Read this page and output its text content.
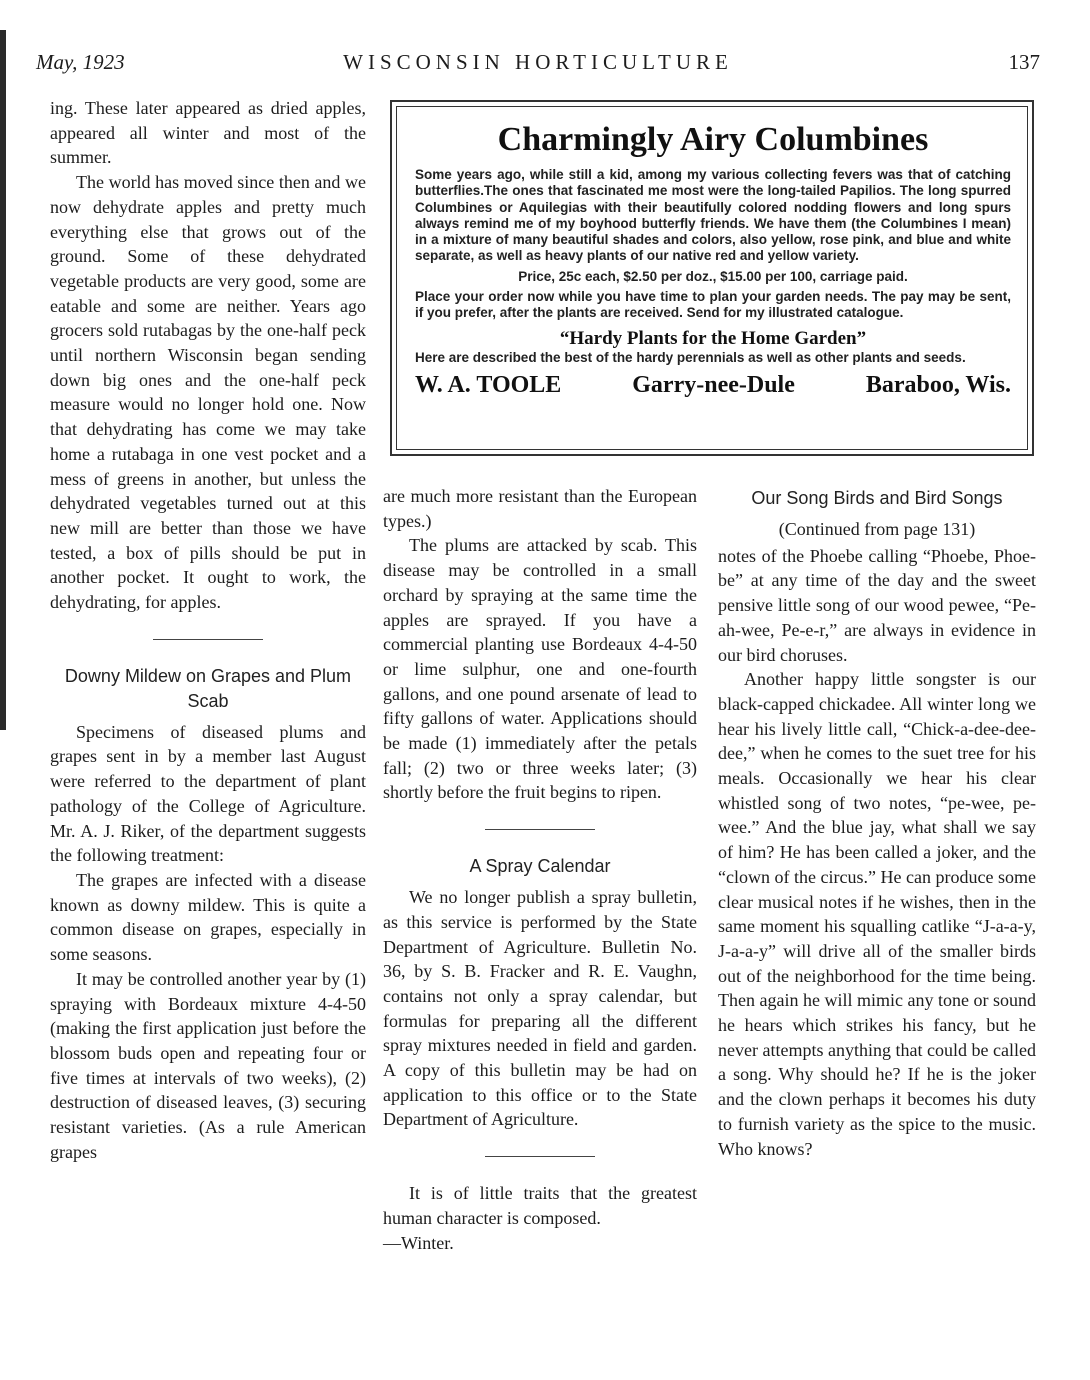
May, 1923	WISCONSIN HORTICULTURE	137

ing. These later appeared as dried apples, appeared all winter and most of the summer.

The world has moved since then and we now dehydrate apples and pretty much everything else that grows out of the ground. Some of these dehydrated vegetable products are very good, some are eatable and some are neither. Years ago grocers sold rutabagas by the one-half peck until northern Wisconsin began sending down big ones and the one-half peck measure would no longer hold one. Now that dehydrating has come we may take home a rutabaga in one vest pocket and a mess of greens in another, but unless the dehydrated vegetables turned out at this new mill are better than those we have tested, a box of pills should be put in another pocket. It ought to work, the dehydrating, for apples.

Downy Mildew on Grapes and Plum Scab

Specimens of diseased plums and grapes sent in by a member last August were referred to the department of plant pathology of the College of Agriculture. Mr. A. J. Riker, of the department suggests the following treatment:

The grapes are infected with a disease known as downy mildew. This is quite a common disease on grapes, especially in some seasons.

It may be controlled another year by (1) spraying with Bordeaux mixture 4-4-50 (making the first application just before the blossom buds open and repeating four or five times at intervals of two weeks), (2) destruction of diseased leaves, (3) securing resistant varieties. (As a rule American grapes

Charmingly Airy Columbines

Some years ago, while still a kid, among my various collecting fevers was that of catching butterflies.The ones that fascinated me most were the long-tailed Papilios. The long spurred Columbines or Aquilegias with their beautifully colored nodding flowers and long spurs always remind me of my boyhood butterfly friends. We have them (the Columbines I mean) in a mixture of many beautiful shades and colors, also yellow, rose pink, and blue and white separate, as well as heavy plants of our native red and yellow variety.

Price, 25c each, $2.50 per doz., $15.00 per 100, carriage paid.

Place your order now while you have time to plan your garden needs. The pay may be sent, if you prefer, after the plants are received. Send for my illustrated catalogue.

“Hardy Plants for the Home Garden”
Here are described the best of the hardy perennials as well as other plants and seeds.
W. A. TOOLE	Garry-nee-Dule	Baraboo, Wis.

are much more resistant than the European types.)

The plums are attacked by scab. This disease may be controlled in a small orchard by spraying at the same time the apples are sprayed. If you have a commercial planting use Bordeaux 4-4-50 or lime sulphur, one and one-fourth gallons, and one pound arsenate of lead to fifty gallons of water. Applications should be made (1) immediately after the petals fall; (2) two or three weeks later; (3) shortly before the fruit begins to ripen.

A Spray Calendar

We no longer publish a spray bulletin, as this service is performed by the State Department of Agriculture. Bulletin No. 36, by S. B. Fracker and R. E. Vaughn, contains not only a spray calendar, but formulas for preparing all the different spray mixtures needed in field and garden. A copy of this bulletin may be had on application to this office or to the State Department of Agriculture.

It is of little traits that the greatest human character is composed.

—Winter.

Our Song Birds and Bird Songs
(Continued from page 131)

notes of the Phoebe calling “Phoebe, Phoe-be” at any time of the day and the sweet pensive little song of our wood pewee, “Pe-ah-wee, Pe-e-r,” are always in evidence in our bird choruses.

Another happy little songster is our black-capped chickadee. All winter long we hear his lively little call, “Chick-a-dee-dee-dee,” when he comes to the suet tree for his meals. Occasionally we hear his clear whistled song of two notes, “pe-wee, pe-wee.” And the blue jay, what shall we say of him? He has been called a joker, and the “clown of the circus.” He can produce some clear musical notes if he wishes, then in the same moment his squalling catlike “J-a-a-y, J-a-a-y” will drive all of the smaller birds out of the neighborhood for the time being. Then again he will mimic any tone or sound he hears which strikes his fancy, but he never attempts anything that could be called a song. Why should he? If he is the joker and the clown perhaps it becomes his duty to furnish variety as the spice to the music. Who knows?
